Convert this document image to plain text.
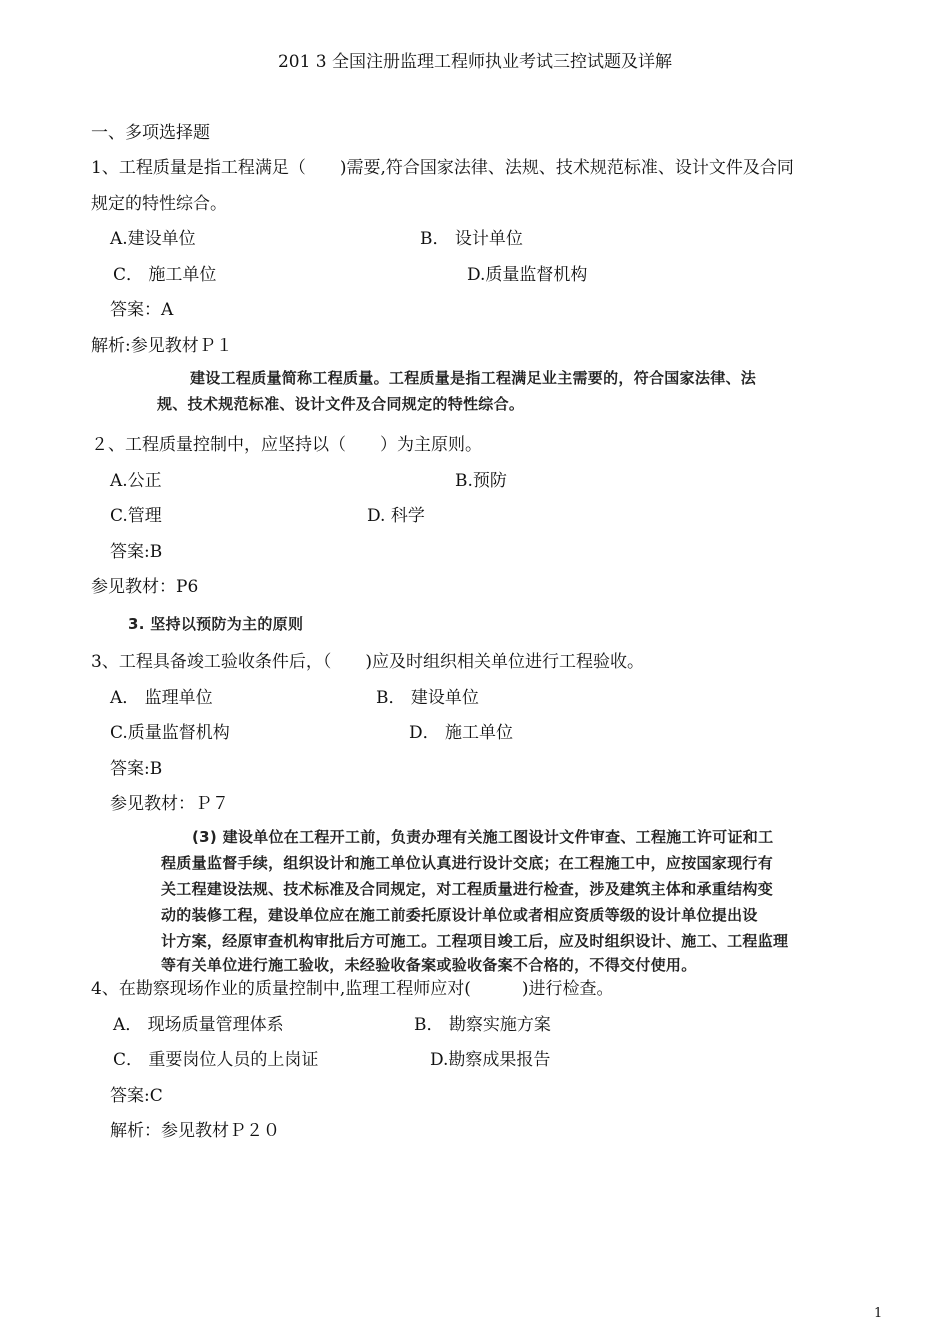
201 3 全国注册监理工程师执业考试三控试题及详解
一、多项选择题
1、工程质量是指工程满足（　　)需要,符合国家法律、法规、技术规范标准、设计文件及合同
规定的特性综合。
A.建设单位	B． 设计单位
C． 施工单位	D.质量监督机构
答案：A
解析:参见教材Ｐ１
建设工程质量简称工程质量。工程质量是指工程满足业主需要的，符合国家法律、法
规、技术规范标准、设计文件及合同规定的特性综合。
２、工程质量控制中，应坚持以（　　）为主原则。
A.公正	B.预防
C.管理	D. 科学
答案:B
参见教材：P6
3. 坚持以预防为主的原则
3、工程具备竣工验收条件后，（　　)应及时组织相关单位进行工程验收。
A． 监理单位	B． 建设单位
C.质量监督机构	D． 施工单位
答案:B
参见教材：Ｐ７
(3) 建设单位在工程开工前，负责办理有关施工图设计文件审查、工程施工许可证和工
程质量监督手续，组织设计和施工单位认真进行设计交底；在工程施工中，应按国家现行有
关工程建设法规、技术标准及合同规定，对工程质量进行检查，涉及建筑主体和承重结构变
动的装修工程，建设单位应在施工前委托原设计单位或者相应资质等级的设计单位提出设
计方案，经原审查机构审批后方可施工。工程项目竣工后，应及时组织设计、施工、工程监理
等有关单位进行施工验收，未经验收备案或验收备案不合格的，不得交付使用。
4、在勘察现场作业的质量控制中,监理工程师应对(　　　)进行检查。
A． 现场质量管理体系	B． 勘察实施方案
C． 重要岗位人员的上岗证	D.勘察成果报告
答案:C
解析：参见教材Ｐ２０
1
